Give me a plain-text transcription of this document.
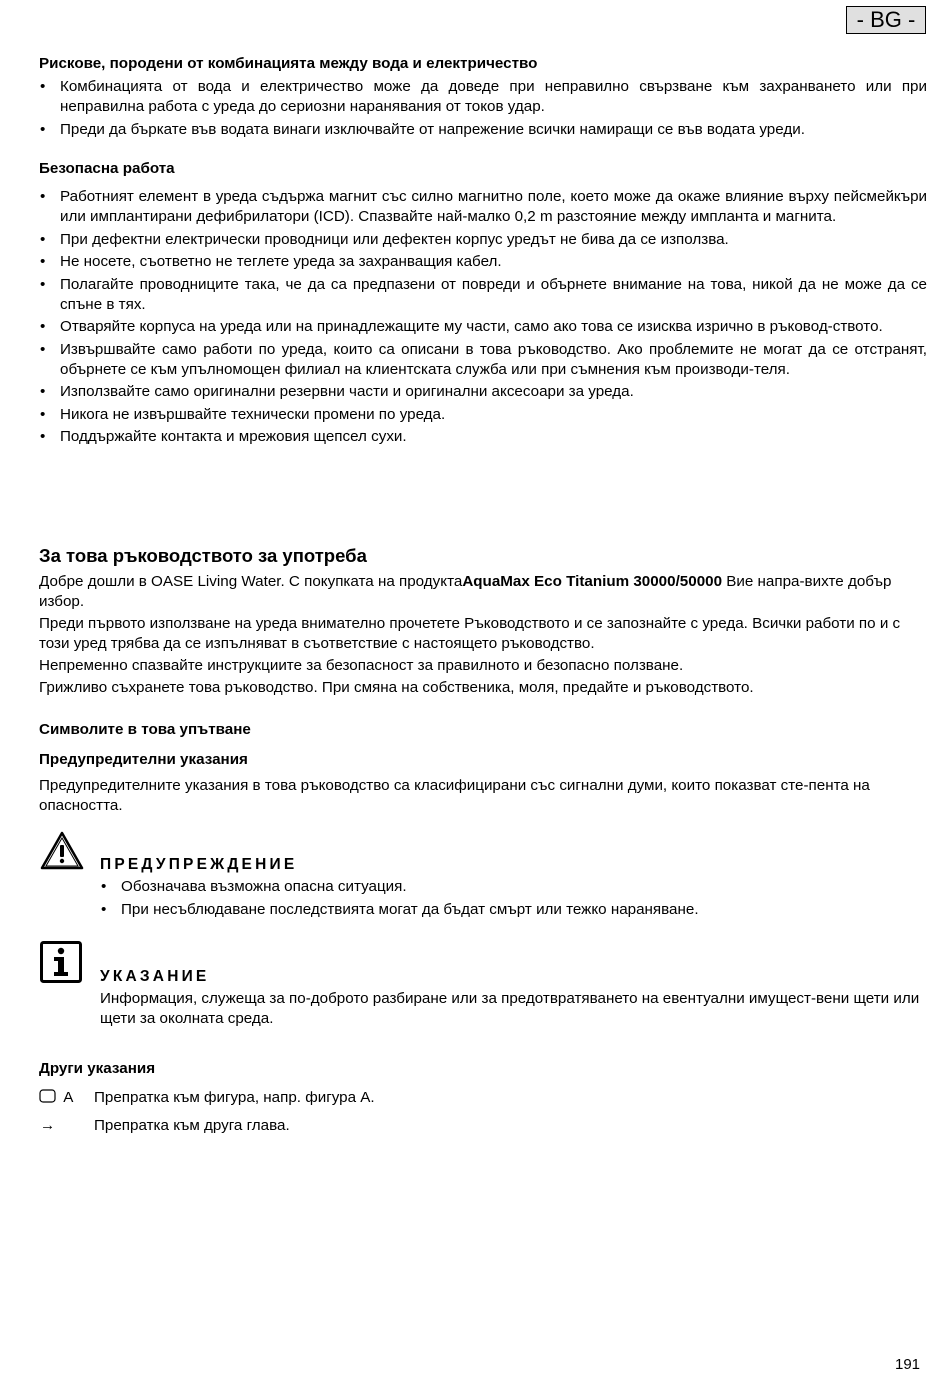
- BG -
Рискове, породени от комбинацията между вода и електричество
• Комбинацията от вода и електричество може да доведе при неправилно свързване към захранването или при неправилна работа с уреда до сериозни наранявания от токов удар.
• Преди да бъркате във водата винаги изключвайте от напрежение всички намиращи се във водата уреди.
Безопасна работа
• Работният елемент в уреда съдържа магнит със силно магнитно поле, което може да окаже влияние върху пейсмейкъри или имплантирани дефибрилатори (ICD). Спазвайте най-малко 0,2 m разстояние между импланта и магнита.
• При дефектни електрически проводници или дефектен корпус уредът не бива да се използва.
• Не носете, съответно не теглете уреда за захранващия кабел.
• Полагайте проводниците така, че да са предпазени от повреди и обърнете внимание на това, никой да не може да се спъне в тях.
• Отваряйте корпуса на уреда или на принадлежащите му части, само ако това се изисква изрично в ръковод-ството.
• Извършвайте само работи по уреда, които са описани в това ръководство. Ако проблемите не могат да се отстранят, обърнете се към упълномощен филиал на клиентската служба или при съмнения към производи-теля.
• Използвайте само оригинални резервни части и оригинални аксесоари за уреда.
• Никога не извършвайте технически промени по уреда.
• Поддържайте контакта и мрежовия щепсел сухи.
За това ръководството за употреба

Добре дошли в OASE Living Water. С покупката на продуктаAquaMax Eco Titanium 30000/50000 Вие напра-вихте добър избор.

Преди първото използване на уреда внимателно прочетете Ръководството и се запознайте с уреда. Всички работи по и с този уред трябва да се изпълняват в съответствие с настоящето ръководство.

Непременно спазвайте инструкциите за безопасност за правилното и безопасно ползване.

Грижливо съхранете това ръководство. При смяна на собственика, моля, предайте и ръководството.

Символите в това упътване
Предупредителни указания

Предупредителните указания в това ръководство са класифицирани със сигнални думи, които показват сте-пента на опасността.

ПРЕДУПРЕЖДЕНИЕ
• Обозначава възможна опасна ситуация.
• При несъблюдаване последствията могат да бъдат смърт или тежко нараняване.
УКАЗАНИЕ

Информация, служеща за по-доброто разбиране или за предотвратяването на евентуални имущест-вени щети или щети за околната среда.

Други указания
A Препратка към фигура, напр. фигура A.
→	Препратка към друга глава.
191
